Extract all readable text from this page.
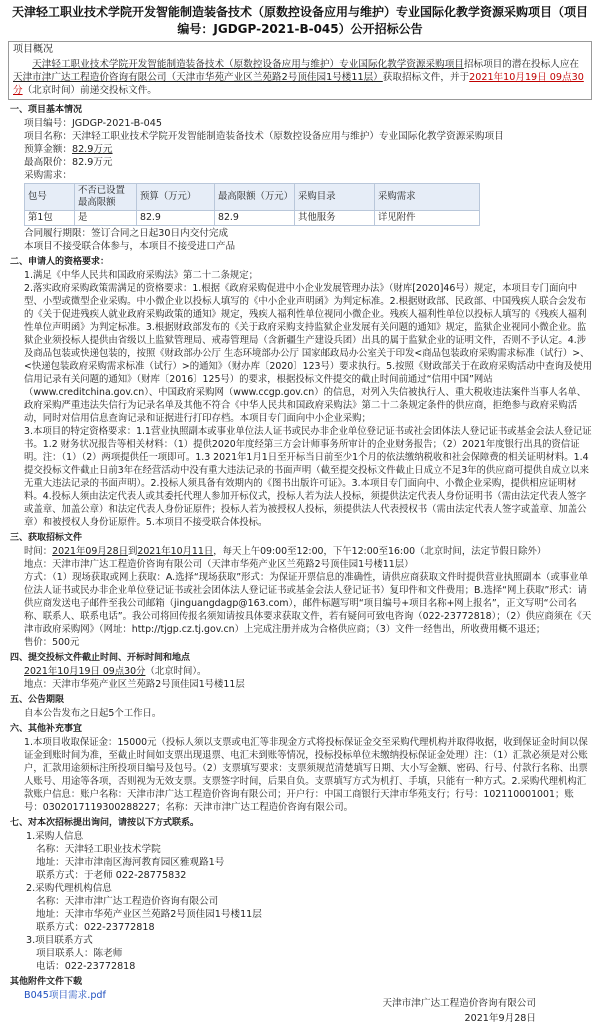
天津轻工职业技术学院开发智能制造装备技术（原数控设备应用与维护）专业国际化教学资源采购项目（项目编号：JGDGP-2021-B-045）公开招标公告
项目概况
天津轻工职业技术学院开发智能制造装备技术（原数控设备应用与维护）专业国际化教学资源采购项目招标项目的潜在投标人应在天津市津广达工程造价咨询有限公司（天津市华苑产业区兰苑路2号顶佳园1号楼11层）获取招标文件，并于2021年10月19日 09点30分（北京时间）前递交投标文件。
一、项目基本情况
项目编号：JGDGP-2021-B-045
项目名称：天津轻工职业技术学院开发智能制造装备技术（原数控设备应用与维护）专业国际化教学资源采购项目
预算金额：82.9万元
最高限价：82.9万元
采购需求：
包号	不否已设置最高限额	预算（万元）	最高限额（万元）	采购目录	采购需求
第1包	是	82.9	82.9	其他服务	详见附件
合同履行期限：签订合同之日起30日内交付完成
本项目不接受联合体参与，本项目不接受进口产品
二、申请人的资格要求：
1.满足《中华人民共和国政府采购法》第二十二条规定；
2.落实政府采购政策需满足的资格要求：1.根据《政府采购促进中小企业发展管理办法》（财库[2020]46号）规定，本项目专门面向中型、小型或微型企业采购。中小微企业以投标人填写的《中小企业声明函》为判定标准。2.根据财政部、民政部、中国残疾人联合会发布的《关于促进残疾人就业政府采购政策的通知》规定，残疾人福利性单位视同小微企业。残疾人福利性单位以投标人填写的《残疾人福利性单位声明函》为判定标准。3.根据财政部发布的《关于政府采购支持监狱企业发展有关问题的通知》规定，监狱企业视同小微企业。监狱企业须投标人提供由省级以上监狱管理局、戒毒管理局（含新疆生产建设兵团）出具的属于监狱企业的证明文件，否则不予认定。4.涉及商品包装或快递包装的，按照《财政部办公厅 生态环境部办公厅 国家邮政局办公室关于印发<商品包装政府采购需求标准（试行）>、<快递包装政府采购需求标准（试行）>的通知》（财办库〔2020〕123号）要求执行。5.按照《财政部关于在政府采购活动中查询及使用信用记录有关问题的通知》（财库〔2016〕125号）的要求，根据投标文件提交的截止时间前通过“信用中国”网站（www.creditchina.gov.cn）、中国政府采购网（www.ccgp.gov.cn）的信息，对列入失信被执行人、重大税收违法案件当事人名单、政府采购严重违法失信行为记录名单及其他不符合《中华人民共和国政府采购法》第二十二条规定条件的供应商，拒绝参与政府采购活动，同时对信用信息查询记录和证据进行打印存档。本项目专门面向中小企业采购；
3.本项目的特定资格要求：1.1营业执照副本或事业单位法人证书或民办非企业单位登记证书或社会团体法人登记证书或基金会法人登记证书。1.2 财务状况报告等相关材料：（1）提供2020年度经第三方会计师事务所审计的企业财务报告；（2）2021年度银行出具的资信证明。注：（1）（2）两项提供任一项即可。1.3 2021年1月1日至开标当日前至少1个月的依法缴纳税收和社会保障费的相关证明材料。1.4 提交投标文件截止日前3年在经营活动中没有重大违法记录的书面声明（截至提交投标文件截止日成立不足3年的供应商可提供自成立以来无重大违法记录的书面声明）。2.投标人须具备有效期内的《图书出版许可证》。3.本项目专门面向中、小微企业采购，提供相应证明材料。4.投标人须由法定代表人或其委托代理人参加开标仪式，投标人若为法人投标，须提供法定代表人身份证明书（需由法定代表人签字或盖章、加盖公章）和法定代表人身份证原件；投标人若为被授权人投标，须提供法人代表授权书（需由法定代表人签字或盖章、加盖公章）和被授权人身份证原件。5.本项目不接受联合体投标。
三、获取招标文件
时间：2021年09月28日到2021年10月11日，每天上午09:00至12:00，下午12:00至16:00（北京时间，法定节假日除外）
地点：天津市津广达工程造价咨询有限公司（天津市华苑产业区兰苑路2号顶佳园1号楼11层）
方式：（1）现场获取或网上获取：A.选择“现场获取”形式：为保证开票信息的准确性，请供应商获取文件时提供营业执照副本（或事业单位法人证书或民办非企业单位登记证书或社会团体法人登记证书或基金会法人登记证书）复印件和文件费用；B.选择“网上获取”形式：请供应商发送电子邮件至我公司邮箱（jinguangdagp@163.com），邮件标题写明“项目编号+项目名称+网上报名”，正文写明“公司名称、联系人、联系电话”。我公司将回传报名须知请按具体要求获取文件，若有疑问可致电咨询（022-23772818）；（2）供应商须在《天津市政府采购网》（网址：http://tjgp.cz.tj.gov.cn）上完成注册并成为合格供应商；（3）文件一经售出，所收费用概不退还；
售价：500元
四、提交投标文件截止时间、开标时间和地点
2021年10月19日 09点30分（北京时间）。
地点：天津市华苑产业区兰苑路2号顶佳园1号楼11层
五、公告期限
自本公告发布之日起5个工作日。
六、其他补充事宜
1.本项目收取保证金：15000元（投标人须以支票或电汇等非现金方式将投标保证金交至采购代理机构并取得收据，收到保证金时间以保证金到账时间为准，至截止时间如支票出现退票、电汇未到账等情况，投标投标单位未缴纳投标保证金处理）注：（1）汇款必须是对公账户，汇款用途须标注所投项目编号及包号。（2）支票填写要求：支票须规范清楚填写日期、大小写金额、密码、行号、付款行名称、出票人账号、用途等各项，否则视为无效支票。支票签字时间，后果自负。支票填写方式为机打、手填，只能有一种方式。2.采购代理机构汇款账户信息：账户名称：天津市津广达工程造价咨询有限公司；开户行：中国工商银行天津市华苑支行；行号：102110001001；账号：0302017119300288227；名称：天津市津广达工程造价咨询有限公司。
七、对本次招标提出询问，请按以下方式联系。
1.采购人信息
名称：天津轻工职业技术学院
地址：天津市津南区海河教育园区雅观路1号
联系方式：于老师 022-28775832
2.采购代理机构信息
名称：天津市津广达工程造价咨询有限公司
地址：天津市华苑产业区兰苑路2号顶佳园1号楼11层
联系方式：022-23772818
3.项目联系方式
项目联系人：陈老师
电话：022-23772818
其他附件文件下载
B045项目需求.pdf
天津市津广达工程造价咨询有限公司
2021年9月28日
